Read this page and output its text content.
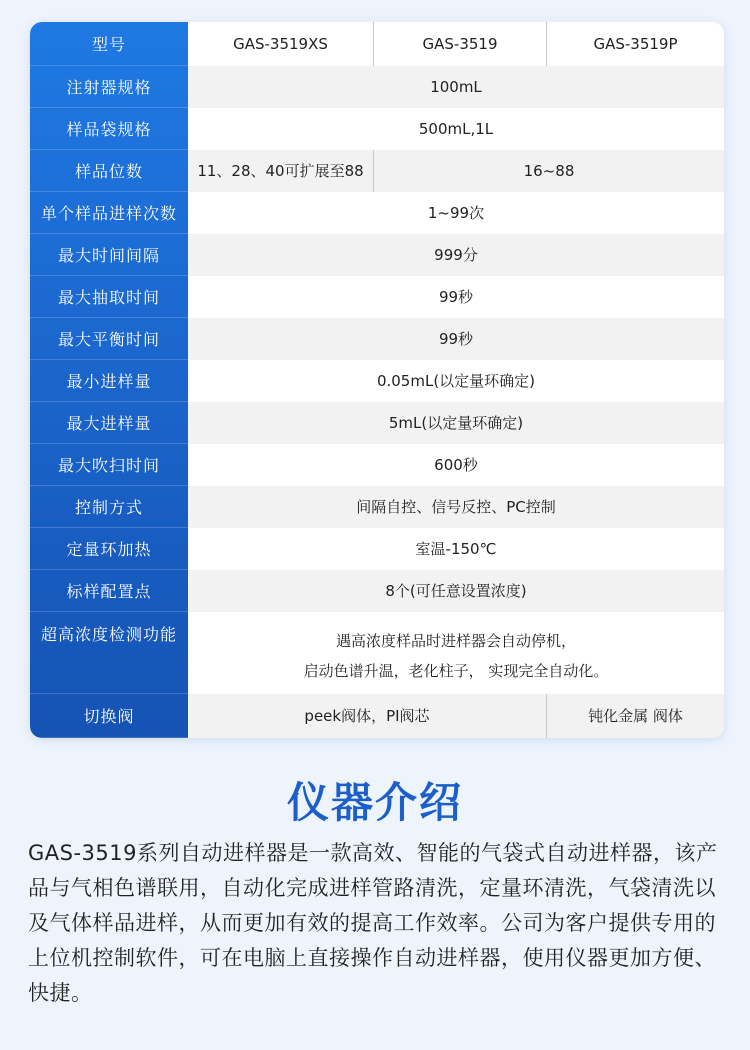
型号	GAS-3519XS	GAS-3519	GAS-3519P
注射器规格	100mL
样品袋规格	500mL,1L
样品位数	11、28、40可扩展至88	16~88
单个样品进样次数	1~99次
最大时间间隔	999分
最大抽取时间	99秒
最大平衡时间	99秒
最小进样量	0.05mL(以定量环确定)
最大进样量	5mL(以定量环确定)
最大吹扫时间	600秒
控制方式	间隔自控、信号反控、PC控制
定量环加热	室温-150℃
标样配置点	8个(可任意设置浓度)
超高浓度检测功能	遇高浓度样品时进样器会自动停机，
启动色谱升温，老化柱子， 实现完全自动化。
切换阀	peek阀体，PI阀芯	钝化金属 阀体
仪器介绍

GAS-3519系列自动进样器是一款高效、智能的气袋式自动进样器，该产品与气相色谱联用，自动化完成进样管路清洗，定量环清洗，气袋清洗以及气体样品进样，从而更加有效的提高工作效率。公司为客户提供专用的上位机控制软件，可在电脑上直接操作自动进样器，使用仪器更加方便、快捷。
